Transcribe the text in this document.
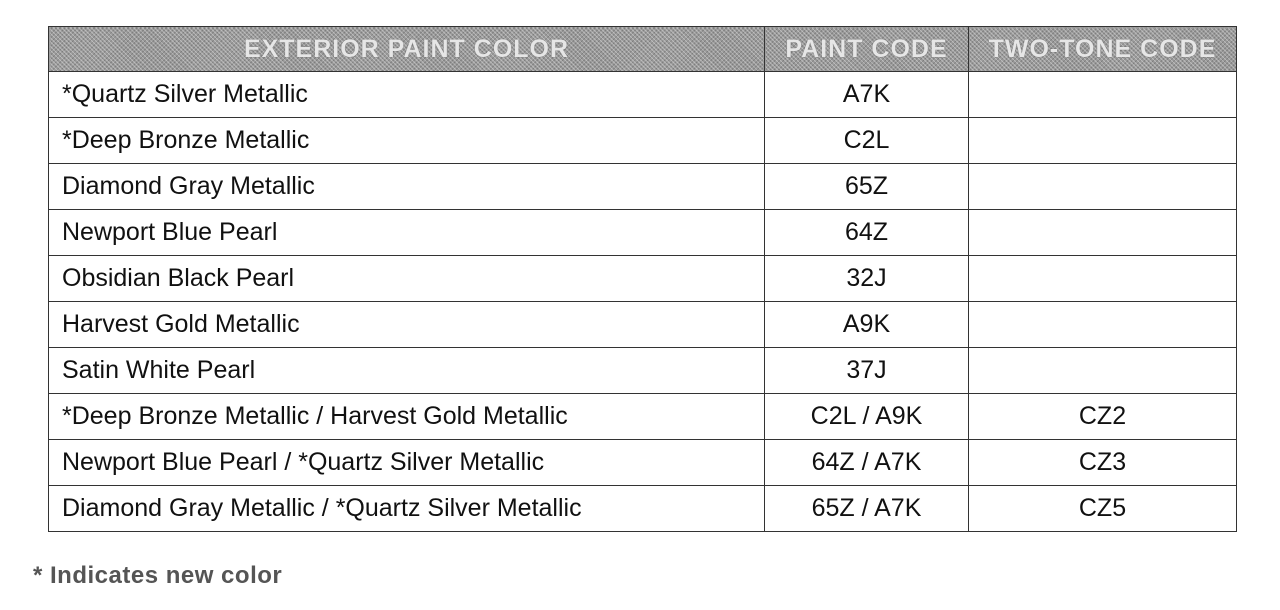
EXTERIOR PAINT COLOR	PAINT CODE	TWO-TONE CODE
*Quartz Silver Metallic	A7K	
*Deep Bronze Metallic	C2L	
Diamond Gray Metallic	65Z	
Newport Blue Pearl	64Z	
Obsidian Black Pearl	32J	
Harvest Gold Metallic	A9K	
Satin White Pearl	37J	
*Deep Bronze Metallic / Harvest Gold Metallic	C2L / A9K	CZ2
Newport Blue Pearl / *Quartz Silver Metallic	64Z / A7K	CZ3
Diamond Gray Metallic / *Quartz Silver Metallic	65Z / A7K	CZ5
* Indicates new color
